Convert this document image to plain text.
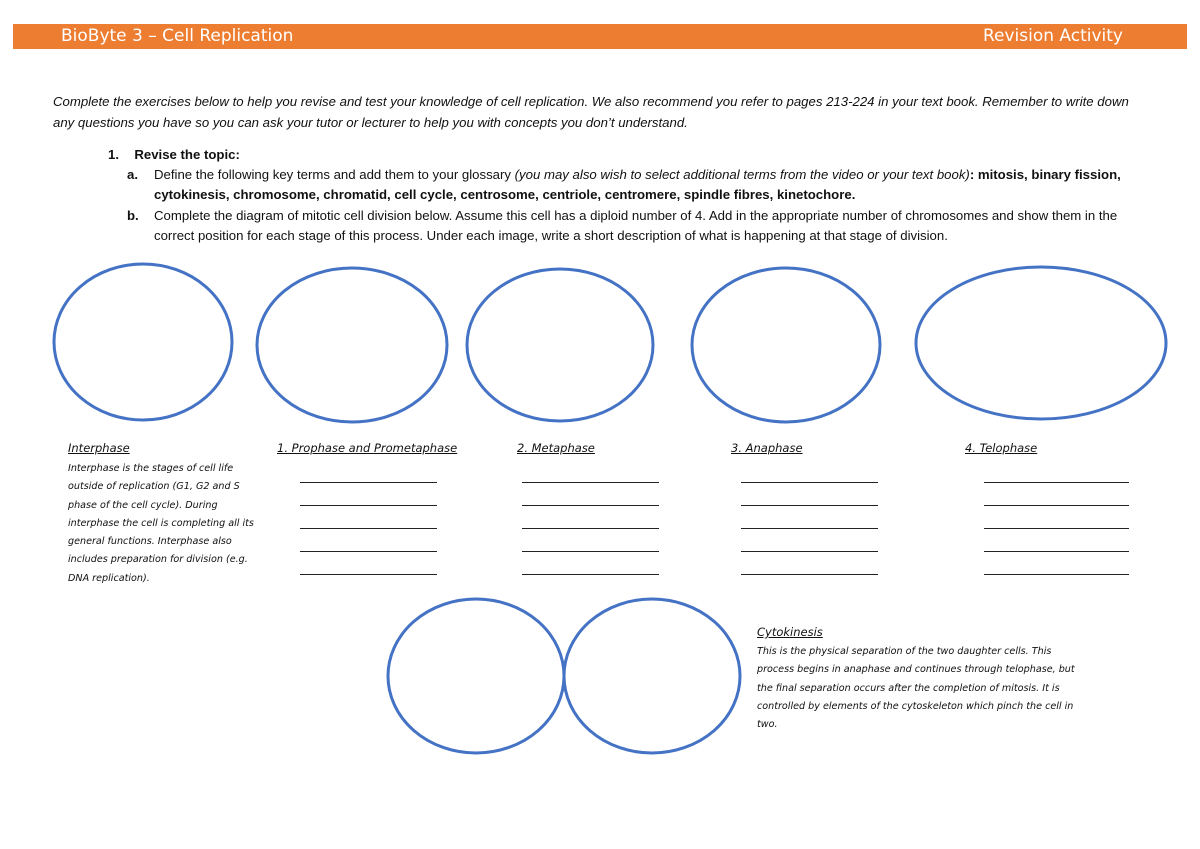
BioByte 3 – Cell Replication	Revision Activity
Complete the exercises below to help you revise and test your knowledge of cell replication. We also recommend you refer to pages 213-224 in your text book. Remember to write down any questions you have so you can ask your tutor or lecturer to help you with concepts you don’t understand.
1. Revise the topic:
a. Define the following key terms and add them to your glossary (you may also wish to select additional terms from the video or your text book): mitosis, binary fission, cytokinesis, chromosome, chromatid, cell cycle, centrosome, centriole, centromere, spindle fibres, kinetochore.
b. Complete the diagram of mitotic cell division below. Assume this cell has a diploid number of 4. Add in the appropriate number of chromosomes and show them in the correct position for each stage of this process. Under each image, write a short description of what is happening at that stage of division.
Interphase
Interphase is the stages of cell life outside of replication (G1, G2 and S phase of the cell cycle). During interphase the cell is completing all its general functions. Interphase also includes preparation for division (e.g. DNA replication).
1. Prophase and Prometaphase	2. Metaphase	3. Anaphase	4. Telophase
Cytokinesis
This is the physical separation of the two daughter cells. This process begins in anaphase and continues through telophase, but the final separation occurs after the completion of mitosis. It is controlled by elements of the cytoskeleton which pinch the cell in two.
